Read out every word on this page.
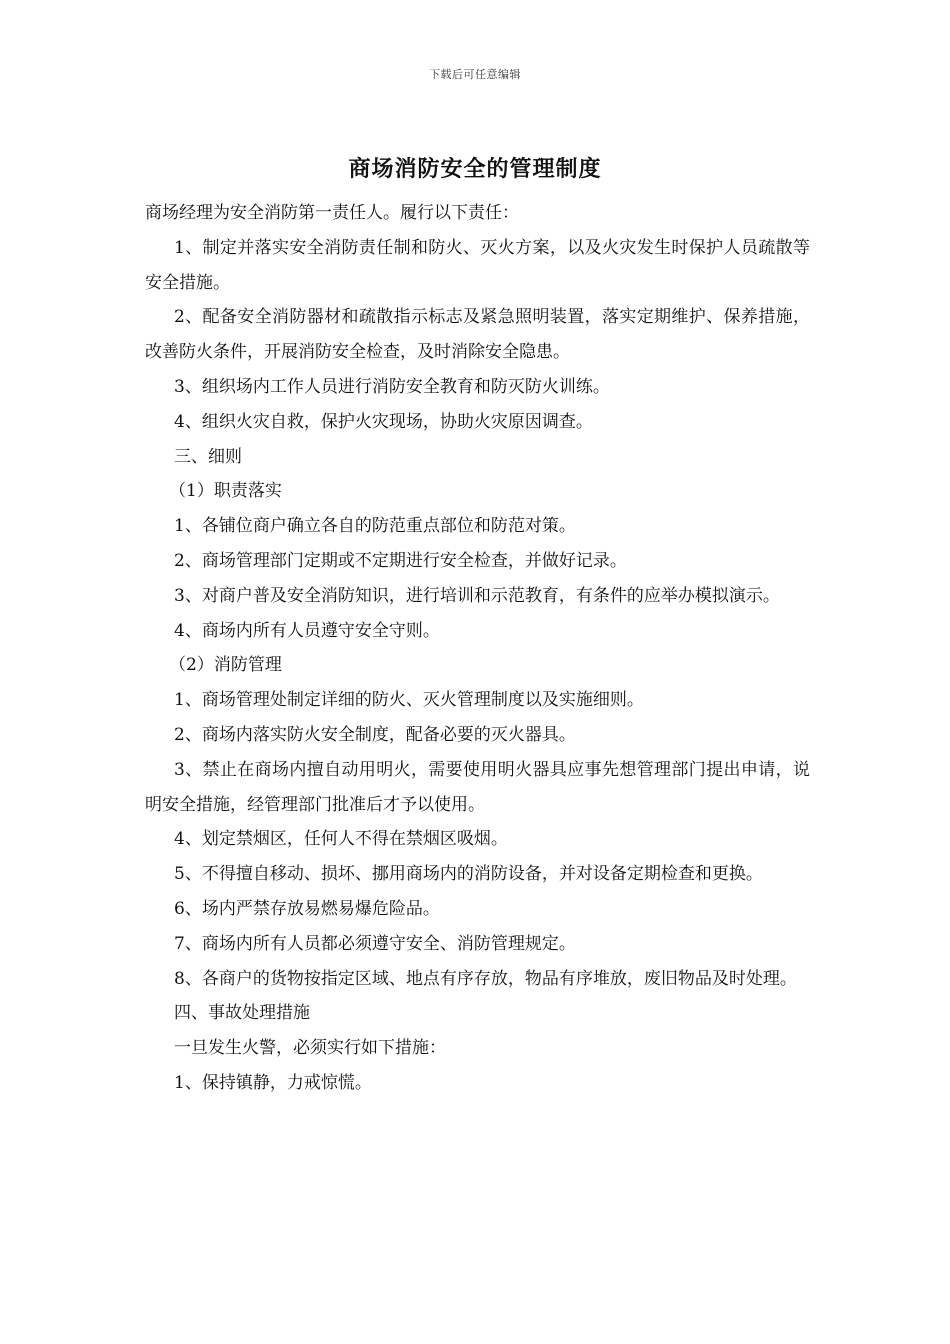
下载后可任意编辑
商场消防安全的管理制度

商场经理为安全消防第一责任人。履行以下责任：

1、制定并落实安全消防责任制和防火、灭火方案，以及火灾发生时保护人员疏散等安全措施。

2、配备安全消防器材和疏散指示标志及紧急照明装置，落实定期维护、保养措施，改善防火条件，开展消防安全检查，及时消除安全隐患。

3、组织场内工作人员进行消防安全教育和防灭防火训练。

4、组织火灾自救，保护火灾现场，协助火灾原因调查。

三、细则

（1）职责落实

1、各铺位商户确立各自的防范重点部位和防范对策。

2、商场管理部门定期或不定期进行安全检查，并做好记录。

3、对商户普及安全消防知识，进行培训和示范教育，有条件的应举办模拟演示。

4、商场内所有人员遵守安全守则。

（2）消防管理

1、商场管理处制定详细的防火、灭火管理制度以及实施细则。

2、商场内落实防火安全制度，配备必要的灭火器具。

3、禁止在商场内擅自动用明火，需要使用明火器具应事先想管理部门提出申请，说明安全措施，经管理部门批准后才予以使用。

4、划定禁烟区，任何人不得在禁烟区吸烟。

5、不得擅自移动、损坏、挪用商场内的消防设备，并对设备定期检查和更换。

6、场内严禁存放易燃易爆危险品。

7、商场内所有人员都必须遵守安全、消防管理规定。

8、各商户的货物按指定区域、地点有序存放，物品有序堆放，废旧物品及时处理。

四、事故处理措施

一旦发生火警，必须实行如下措施：

1、保持镇静，力戒惊慌。
